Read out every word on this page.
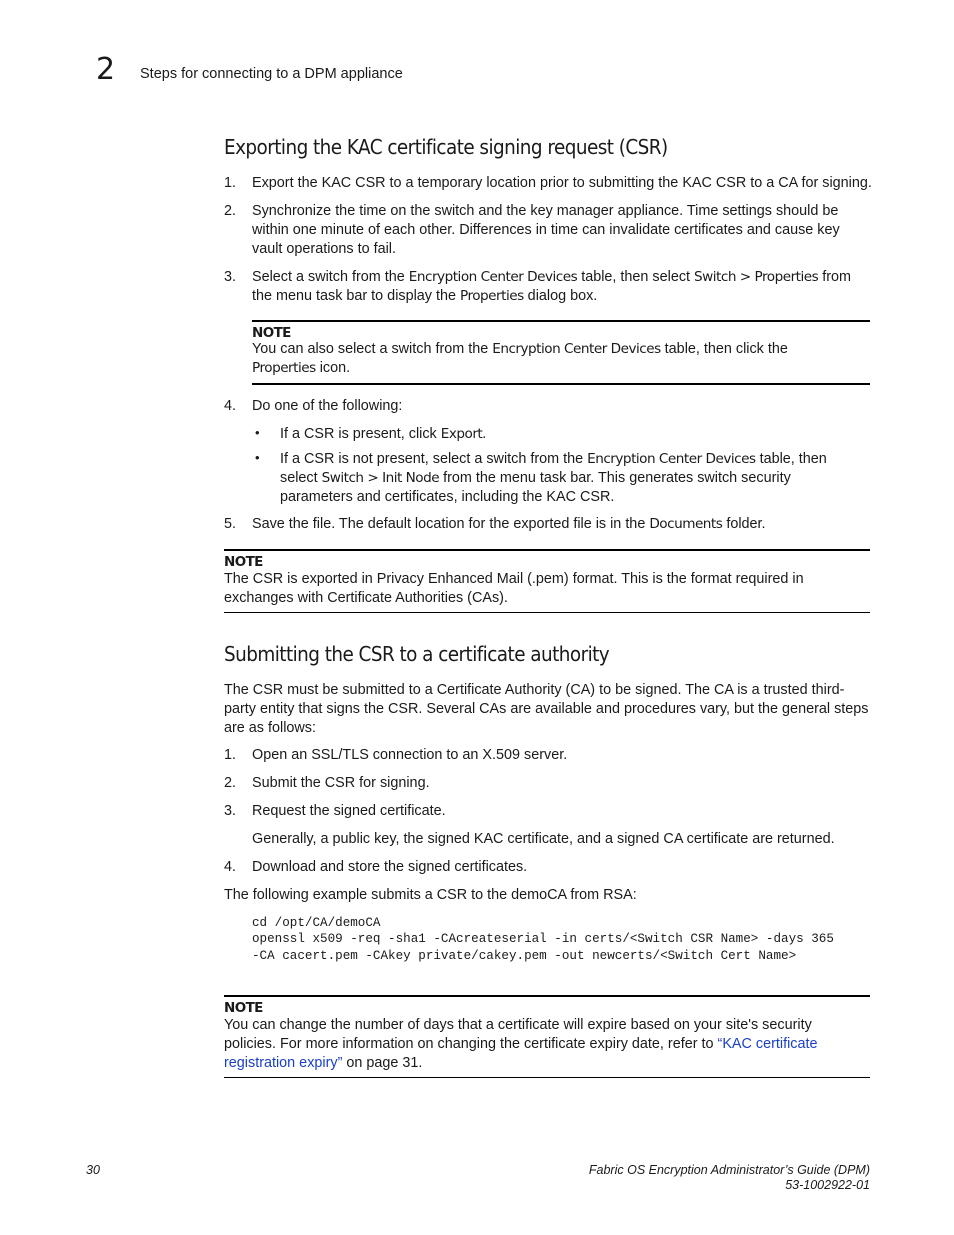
2 Steps for connecting to a DPM appliance
Exporting the KAC certificate signing request (CSR)
1. Export the KAC CSR to a temporary location prior to submitting the KAC CSR to a CA for signing.
2. Synchronize the time on the switch and the key manager appliance. Time settings should be within one minute of each other. Differences in time can invalidate certificates and cause key vault operations to fail.
3. Select a switch from the Encryption Center Devices table, then select Switch > Properties from the menu task bar to display the Properties dialog box.
NOTE
You can also select a switch from the Encryption Center Devices table, then click the Properties icon.
4. Do one of the following:
• If a CSR is present, click Export.
• If a CSR is not present, select a switch from the Encryption Center Devices table, then select Switch > Init Node from the menu task bar. This generates switch security parameters and certificates, including the KAC CSR.
5. Save the file. The default location for the exported file is in the Documents folder.
NOTE
The CSR is exported in Privacy Enhanced Mail (.pem) format. This is the format required in exchanges with Certificate Authorities (CAs).
Submitting the CSR to a certificate authority
The CSR must be submitted to a Certificate Authority (CA) to be signed. The CA is a trusted third-party entity that signs the CSR. Several CAs are available and procedures vary, but the general steps are as follows:
1. Open an SSL/TLS connection to an X.509 server.
2. Submit the CSR for signing.
3. Request the signed certificate.
Generally, a public key, the signed KAC certificate, and a signed CA certificate are returned.
4. Download and store the signed certificates.
The following example submits a CSR to the demoCA from RSA:
cd /opt/CA/demoCA
openssl x509 -req -sha1 -CAcreateserial -in certs/<Switch CSR Name> -days 365
-CA cacert.pem -CAkey private/cakey.pem -out newcerts/<Switch Cert Name>
NOTE
You can change the number of days that a certificate will expire based on your site's security policies. For more information on changing the certificate expiry date, refer to “KAC certificate registration expiry” on page 31.
30	Fabric OS Encryption Administrator’s Guide (DPM)
53-1002922-01
